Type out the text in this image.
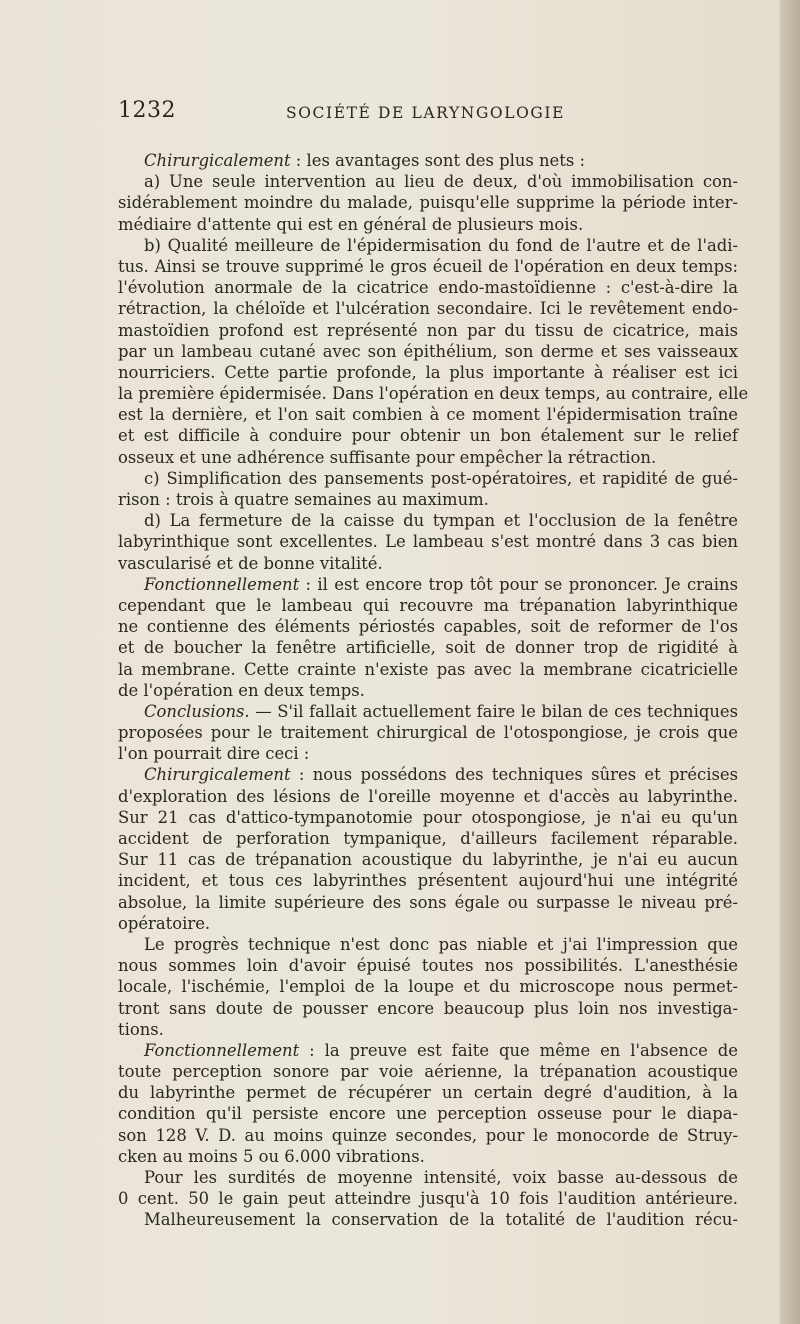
1232	SOCIÉTÉ DE LARYNGOLOGIE
Chirurgicalement : les avantages sont des plus nets :
a) Une seule intervention au lieu de deux, d'où immobilisation con-
sidérablement moindre du malade, puisqu'elle supprime la période inter-
médiaire d'attente qui est en général de plusieurs mois.
b) Qualité meilleure de l'épidermisation du fond de l'autre et de l'adi-
tus. Ainsi se trouve supprimé le gros écueil de l'opération en deux temps:
l'évolution anormale de la cicatrice endo-mastoïdienne : c'est-à-dire la
rétraction, la chéloïde et l'ulcération secondaire. Ici le revêtement endo-
mastoïdien profond est représenté non par du tissu de cicatrice, mais
par un lambeau cutané avec son épithélium, son derme et ses vaisseaux
nourriciers. Cette partie profonde, la plus importante à réaliser est ici
la première épidermisée. Dans l'opération en deux temps, au contraire, elle
est la dernière, et l'on sait combien à ce moment l'épidermisation traîne
et est difficile à conduire pour obtenir un bon étalement sur le relief
osseux et une adhérence suffisante pour empêcher la rétraction.
c) Simplification des pansements post-opératoires, et rapidité de gué-
rison : trois à quatre semaines au maximum.
d) La fermeture de la caisse du tympan et l'occlusion de la fenêtre
labyrinthique sont excellentes. Le lambeau s'est montré dans 3 cas bien
vascularisé et de bonne vitalité.
Fonctionnellement : il est encore trop tôt pour se prononcer. Je crains
cependant que le lambeau qui recouvre ma trépanation labyrinthique
ne contienne des éléments périostés capables, soit de reformer de l'os
et de boucher la fenêtre artificielle, soit de donner trop de rigidité à
la membrane. Cette crainte n'existe pas avec la membrane cicatricielle
de l'opération en deux temps.
Conclusions. — S'il fallait actuellement faire le bilan de ces techniques
proposées pour le traitement chirurgical de l'otospongiose, je crois que
l'on pourrait dire ceci :
Chirurgicalement : nous possédons des techniques sûres et précises
d'exploration des lésions de l'oreille moyenne et d'accès au labyrinthe.
Sur 21 cas d'attico-tympanotomie pour otospongiose, je n'ai eu qu'un
accident de perforation tympanique, d'ailleurs facilement réparable.
Sur 11 cas de trépanation acoustique du labyrinthe, je n'ai eu aucun
incident, et tous ces labyrinthes présentent aujourd'hui une intégrité
absolue, la limite supérieure des sons égale ou surpasse le niveau pré-
opératoire.
Le progrès technique n'est donc pas niable et j'ai l'impression que
nous sommes loin d'avoir épuisé toutes nos possibilités. L'anesthésie
locale, l'ischémie, l'emploi de la loupe et du microscope nous permet-
tront sans doute de pousser encore beaucoup plus loin nos investiga-
tions.
Fonctionnellement : la preuve est faite que même en l'absence de
toute perception sonore par voie aérienne, la trépanation acoustique
du labyrinthe permet de récupérer un certain degré d'audition, à la
condition qu'il persiste encore une perception osseuse pour le diapa-
son 128 V. D. au moins quinze secondes, pour le monocorde de Struy-
cken au moins 5 ou 6.000 vibrations.
Pour les surdités de moyenne intensité, voix basse au-dessous de
0 cent. 50 le gain peut atteindre jusqu'à 10 fois l'audition antérieure.
Malheureusement la conservation de la totalité de l'audition récu-
